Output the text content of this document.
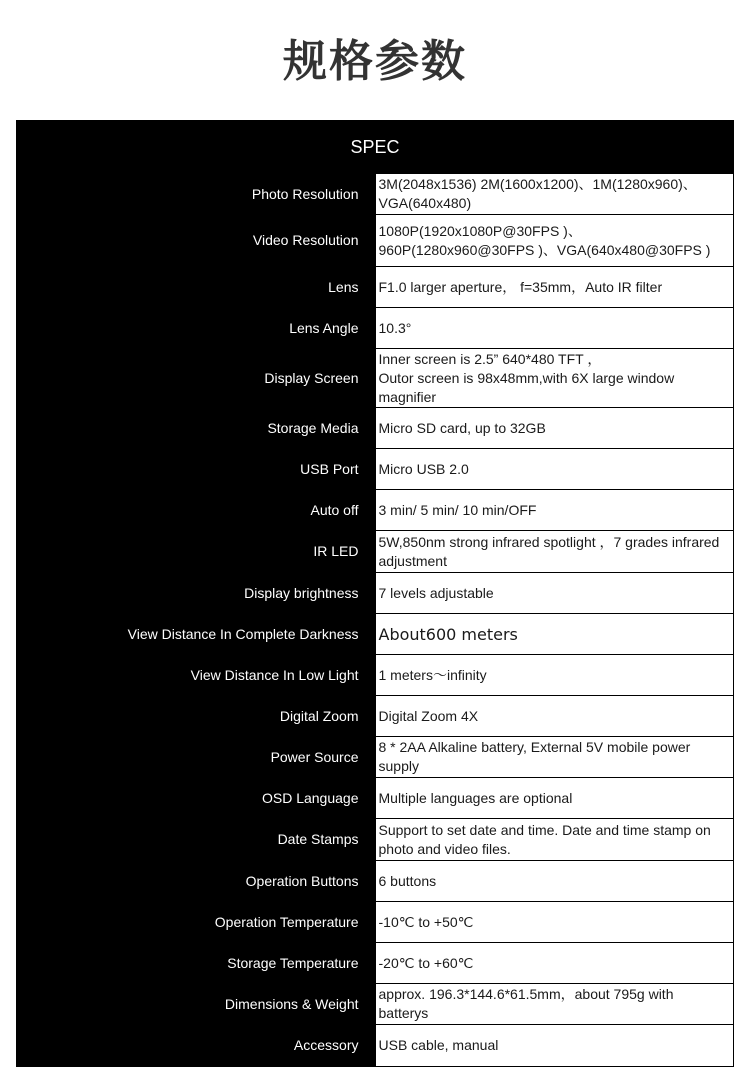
规格参数
SPEC	
Photo Resolution	3M(2048x1536) 2M(1600x1200)、1M(1280x960)、VGA(640x480)
Video Resolution	1080P(1920x1080P@30FPS )、960P(1280x960@30FPS )、VGA(640x480@30FPS )
Lens	F1.0 larger aperture， f=35mm，Auto IR filter
Lens Angle	10.3°
Display Screen	Inner screen is 2.5” 640*480 TFT ，
Outor screen is 98x48mm,with 6X large window magnifier
Storage Media	Micro SD card, up to 32GB
USB Port	Micro USB 2.0
Auto off	3 min/ 5 min/ 10 min/OFF
IR LED	5W,850nm strong infrared spotlight ，7 grades infrared adjustment
Display brightness	7 levels adjustable
View Distance In Complete Darkness	About600 meters
View Distance In Low Light	1 meters～infinity
Digital Zoom	Digital Zoom 4X
Power Source	8 * 2AA Alkaline battery, External 5V mobile power supply
OSD Language	Multiple languages are optional
Date Stamps	Support to set date and time. Date and time stamp on photo and video files.
Operation Buttons	6 buttons
Operation Temperature	-10℃ to +50℃
Storage Temperature	-20℃ to +60℃
Dimensions & Weight	approx. 196.3*144.6*61.5mm，about 795g with batterys
Accessory	USB cable, manual
